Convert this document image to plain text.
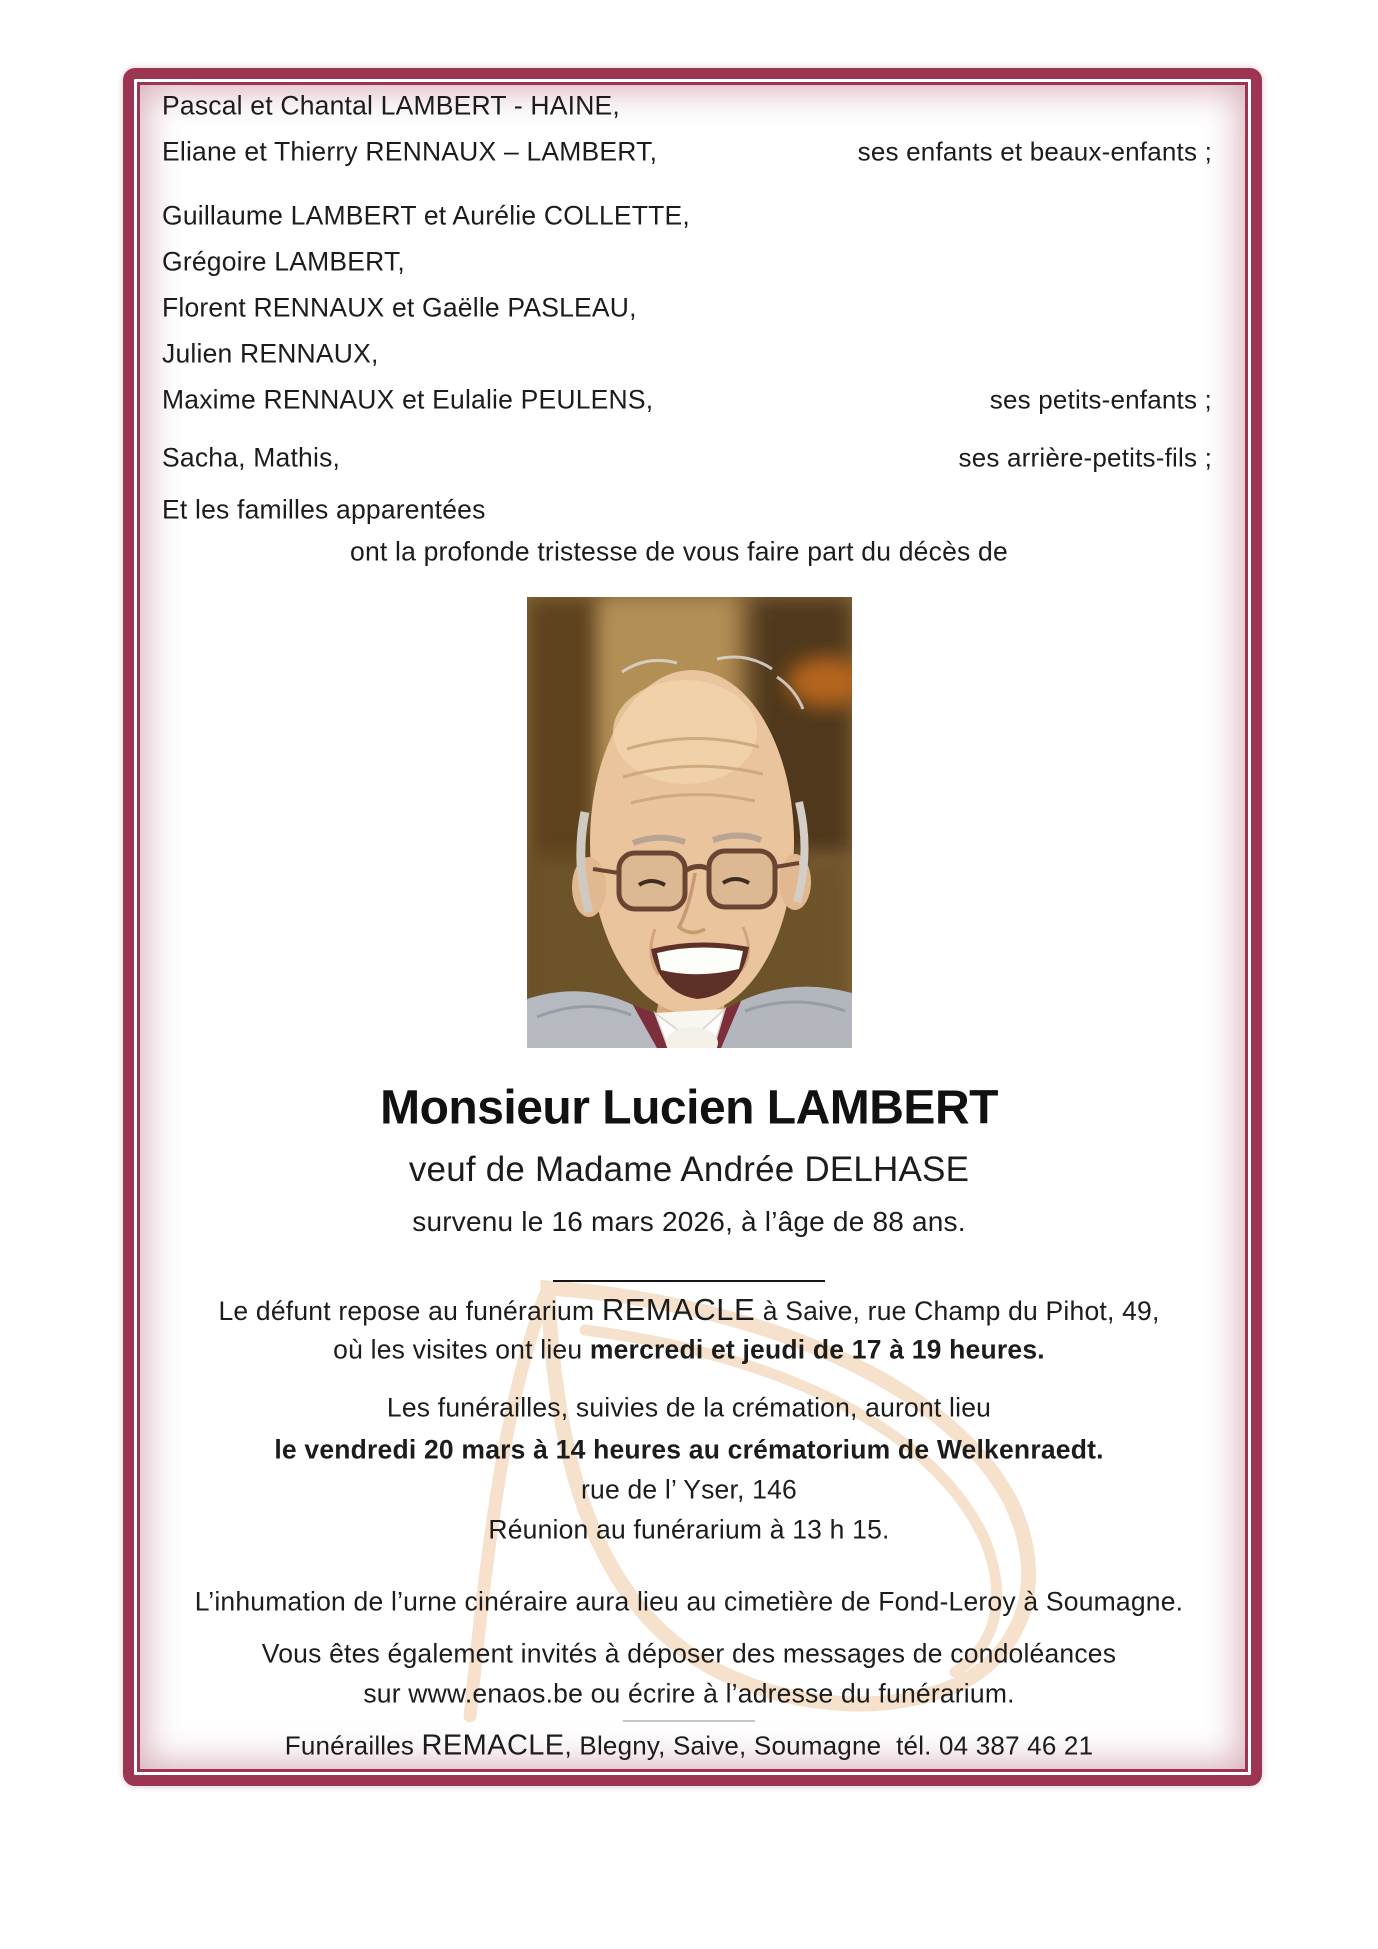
Pascal et Chantal LAMBERT - HAINE,
Eliane et Thierry RENNAUX – LAMBERT,	ses enfants et beaux-enfants ;
Guillaume LAMBERT et Aurélie COLLETTE,
Grégoire LAMBERT,
Florent RENNAUX et Gaëlle PASLEAU,
Julien RENNAUX,
Maxime RENNAUX et Eulalie PEULENS,	ses petits-enfants ;
Sacha, Mathis,	ses arrière-petits-fils ;
Et les familles apparentées
ont la profonde tristesse de vous faire part du décès de
Monsieur Lucien LAMBERT
veuf de Madame Andrée DELHASE
survenu le 16 mars 2026, à l’âge de 88 ans.
Le défunt repose au funérarium REMACLE à Saive, rue Champ du Pihot, 49,
où les visites ont lieu mercredi et jeudi de 17 à 19 heures.
Les funérailles, suivies de la crémation, auront lieu
le vendredi 20 mars à 14 heures au crématorium de Welkenraedt.
rue de l’ Yser, 146
Réunion au funérarium à 13 h 15.
L’inhumation de l’urne cinéraire aura lieu au cimetière de Fond-Leroy à Soumagne.
Vous êtes également invités à déposer des messages de condoléances
sur www.enaos.be ou écrire à l’adresse du funérarium.
Funérailles REMACLE, Blegny, Saive, Soumagne  tél. 04 387 46 21
